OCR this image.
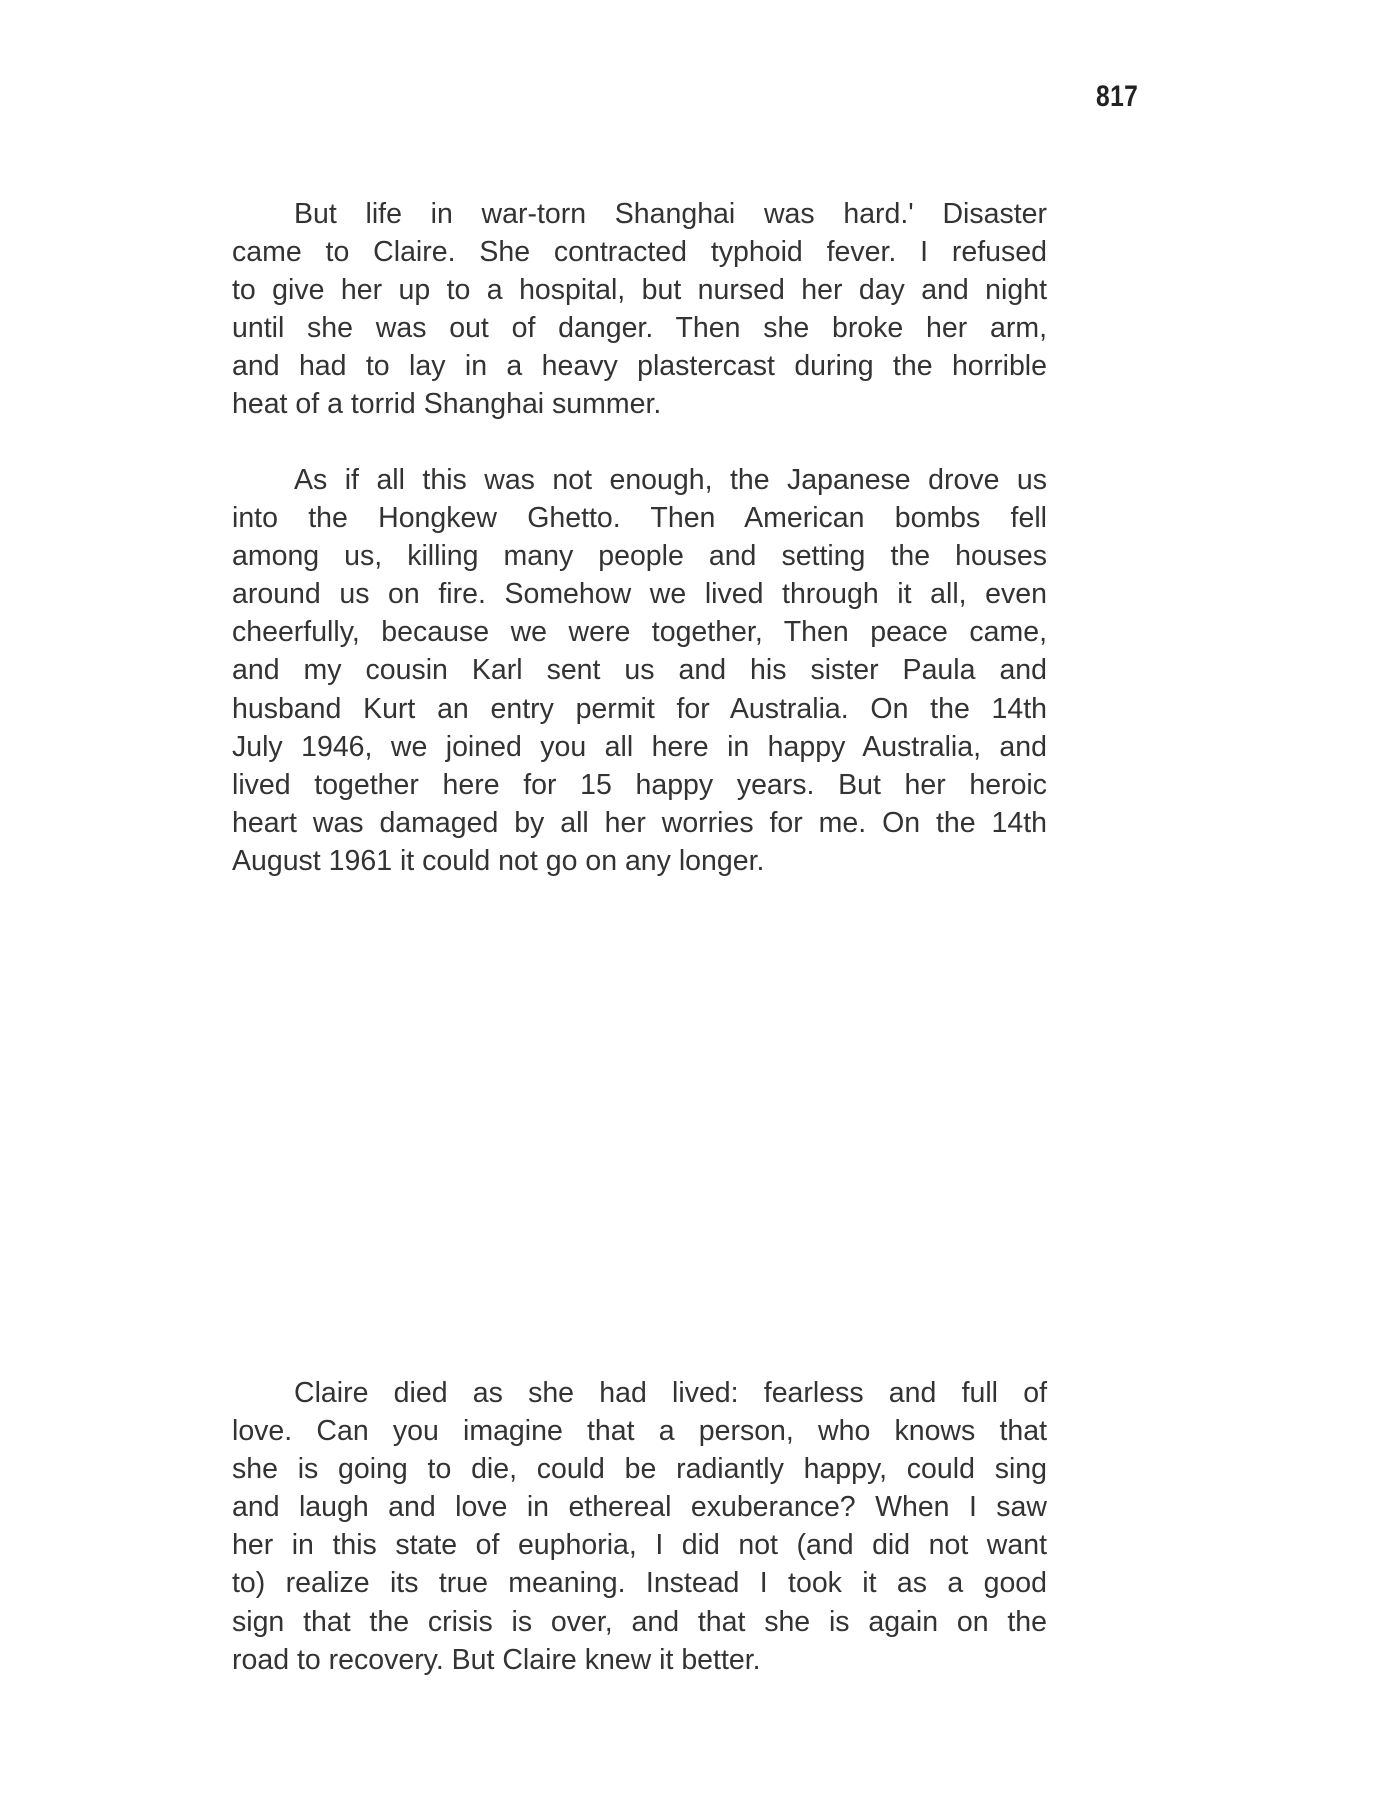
817
But life in war-torn Shanghai was hard.' Disaster
came to Claire. She contracted typhoid fever. I refused
to give her up to a hospital, but nursed her day and night
until she was out of danger. Then she broke her arm,
and had to lay in a heavy plastercast during the horrible
heat of a torrid Shanghai summer.
As if all this was not enough, the Japanese drove us
into the Hongkew Ghetto. Then American bombs fell
among us, killing many people and setting the houses
around us on fire. Somehow we lived through it all, even
cheerfully, because we were together, Then peace came,
and my cousin Karl sent us and his sister Paula and
husband Kurt an entry permit for Australia. On the 14th
July 1946, we joined you all here in happy Australia, and
lived together here for 15 happy years. But her heroic
heart was damaged by all her worries for me. On the 14th
August 1961 it could not go on any longer.
Claire died as she had lived: fearless and full of
love. Can you imagine that a person, who knows that
she is going to die, could be radiantly happy, could sing
and laugh and love in ethereal exuberance? When I saw
her in this state of euphoria, I did not (and did not want
to) realize its true meaning. Instead I took it as a good
sign that the crisis is over, and that she is again on the
road to recovery. But Claire knew it better.
